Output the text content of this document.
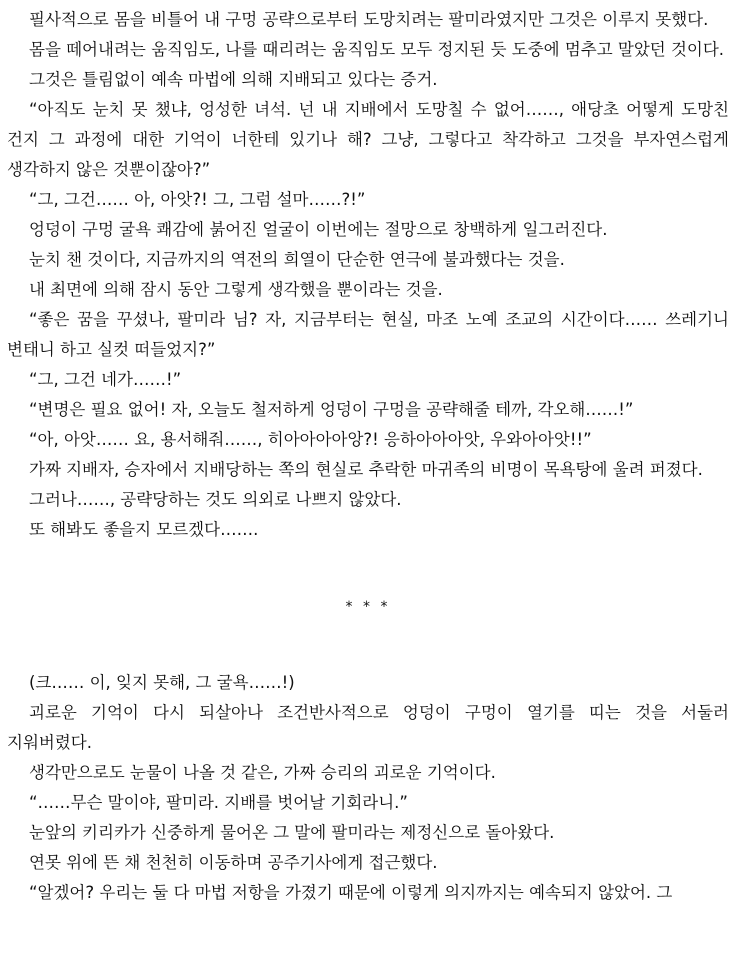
필사적으로 몸을 비틀어 내 구멍 공략으로부터 도망치려는 팔미라였지만 그것은 이루지 못했다.

몸을 떼어내려는 움직임도, 나를 때리려는 움직임도 모두 정지된 듯 도중에 멈추고 말았던 것이다.

그것은 틀림없이 예속 마법에 의해 지배되고 있다는 증거.

“아직도 눈치 못 챘냐, 엉성한 녀석. 넌 내 지배에서 도망칠 수 없어……, 애당초 어떻게 도망친 건지 그 과정에 대한 기억이 너한테 있기나 해? 그냥, 그렇다고 착각하고 그것을 부자연스럽게 생각하지 않은 것뿐이잖아?”

“그, 그건…… 아, 아앗?! 그, 그럼 설마……?!”

엉덩이 구멍 굴욕 쾌감에 붉어진 얼굴이 이번에는 절망으로 창백하게 일그러진다.

눈치 챈 것이다, 지금까지의 역전의 희열이 단순한 연극에 불과했다는 것을.

내 최면에 의해 잠시 동안 그렇게 생각했을 뿐이라는 것을.

“좋은 꿈을 꾸셨나, 팔미라 님? 자, 지금부터는 현실, 마조 노예 조교의 시간이다…… 쓰레기니 변태니 하고 실컷 떠들었지?”

“그, 그건 네가……!”

“변명은 필요 없어! 자, 오늘도 철저하게 엉덩이 구멍을 공략해줄 테까, 각오해……!”

“아, 아앗…… 요, 용서해줘……, 히아아아아앙?! 응하아아아앗, 우와아아앗!!”

가짜 지배자, 승자에서 지배당하는 쪽의 현실로 추락한 마귀족의 비명이 목욕탕에 울려 퍼졌다.

그러나……, 공략당하는 것도 의외로 나쁘지 않았다.

또 해봐도 좋을지 모르겠다…….

* * *

(크…… 이, 잊지 못해, 그 굴욕……!)

괴로운 기억이 다시 되살아나 조건반사적으로 엉덩이 구멍이 열기를 띠는 것을 서둘러 지워버렸다.

생각만으로도 눈물이 나올 것 같은, 가짜 승리의 괴로운 기억이다.

“……무슨 말이야, 팔미라. 지배를 벗어날 기회라니.”

눈앞의 키리카가 신중하게 물어온 그 말에 팔미라는 제정신으로 돌아왔다.

연못 위에 뜬 채 천천히 이동하며 공주기사에게 접근했다.

“알겠어? 우리는 둘 다 마법 저항을 가졌기 때문에 이렇게 의지까지는 예속되지 않았어. 그
